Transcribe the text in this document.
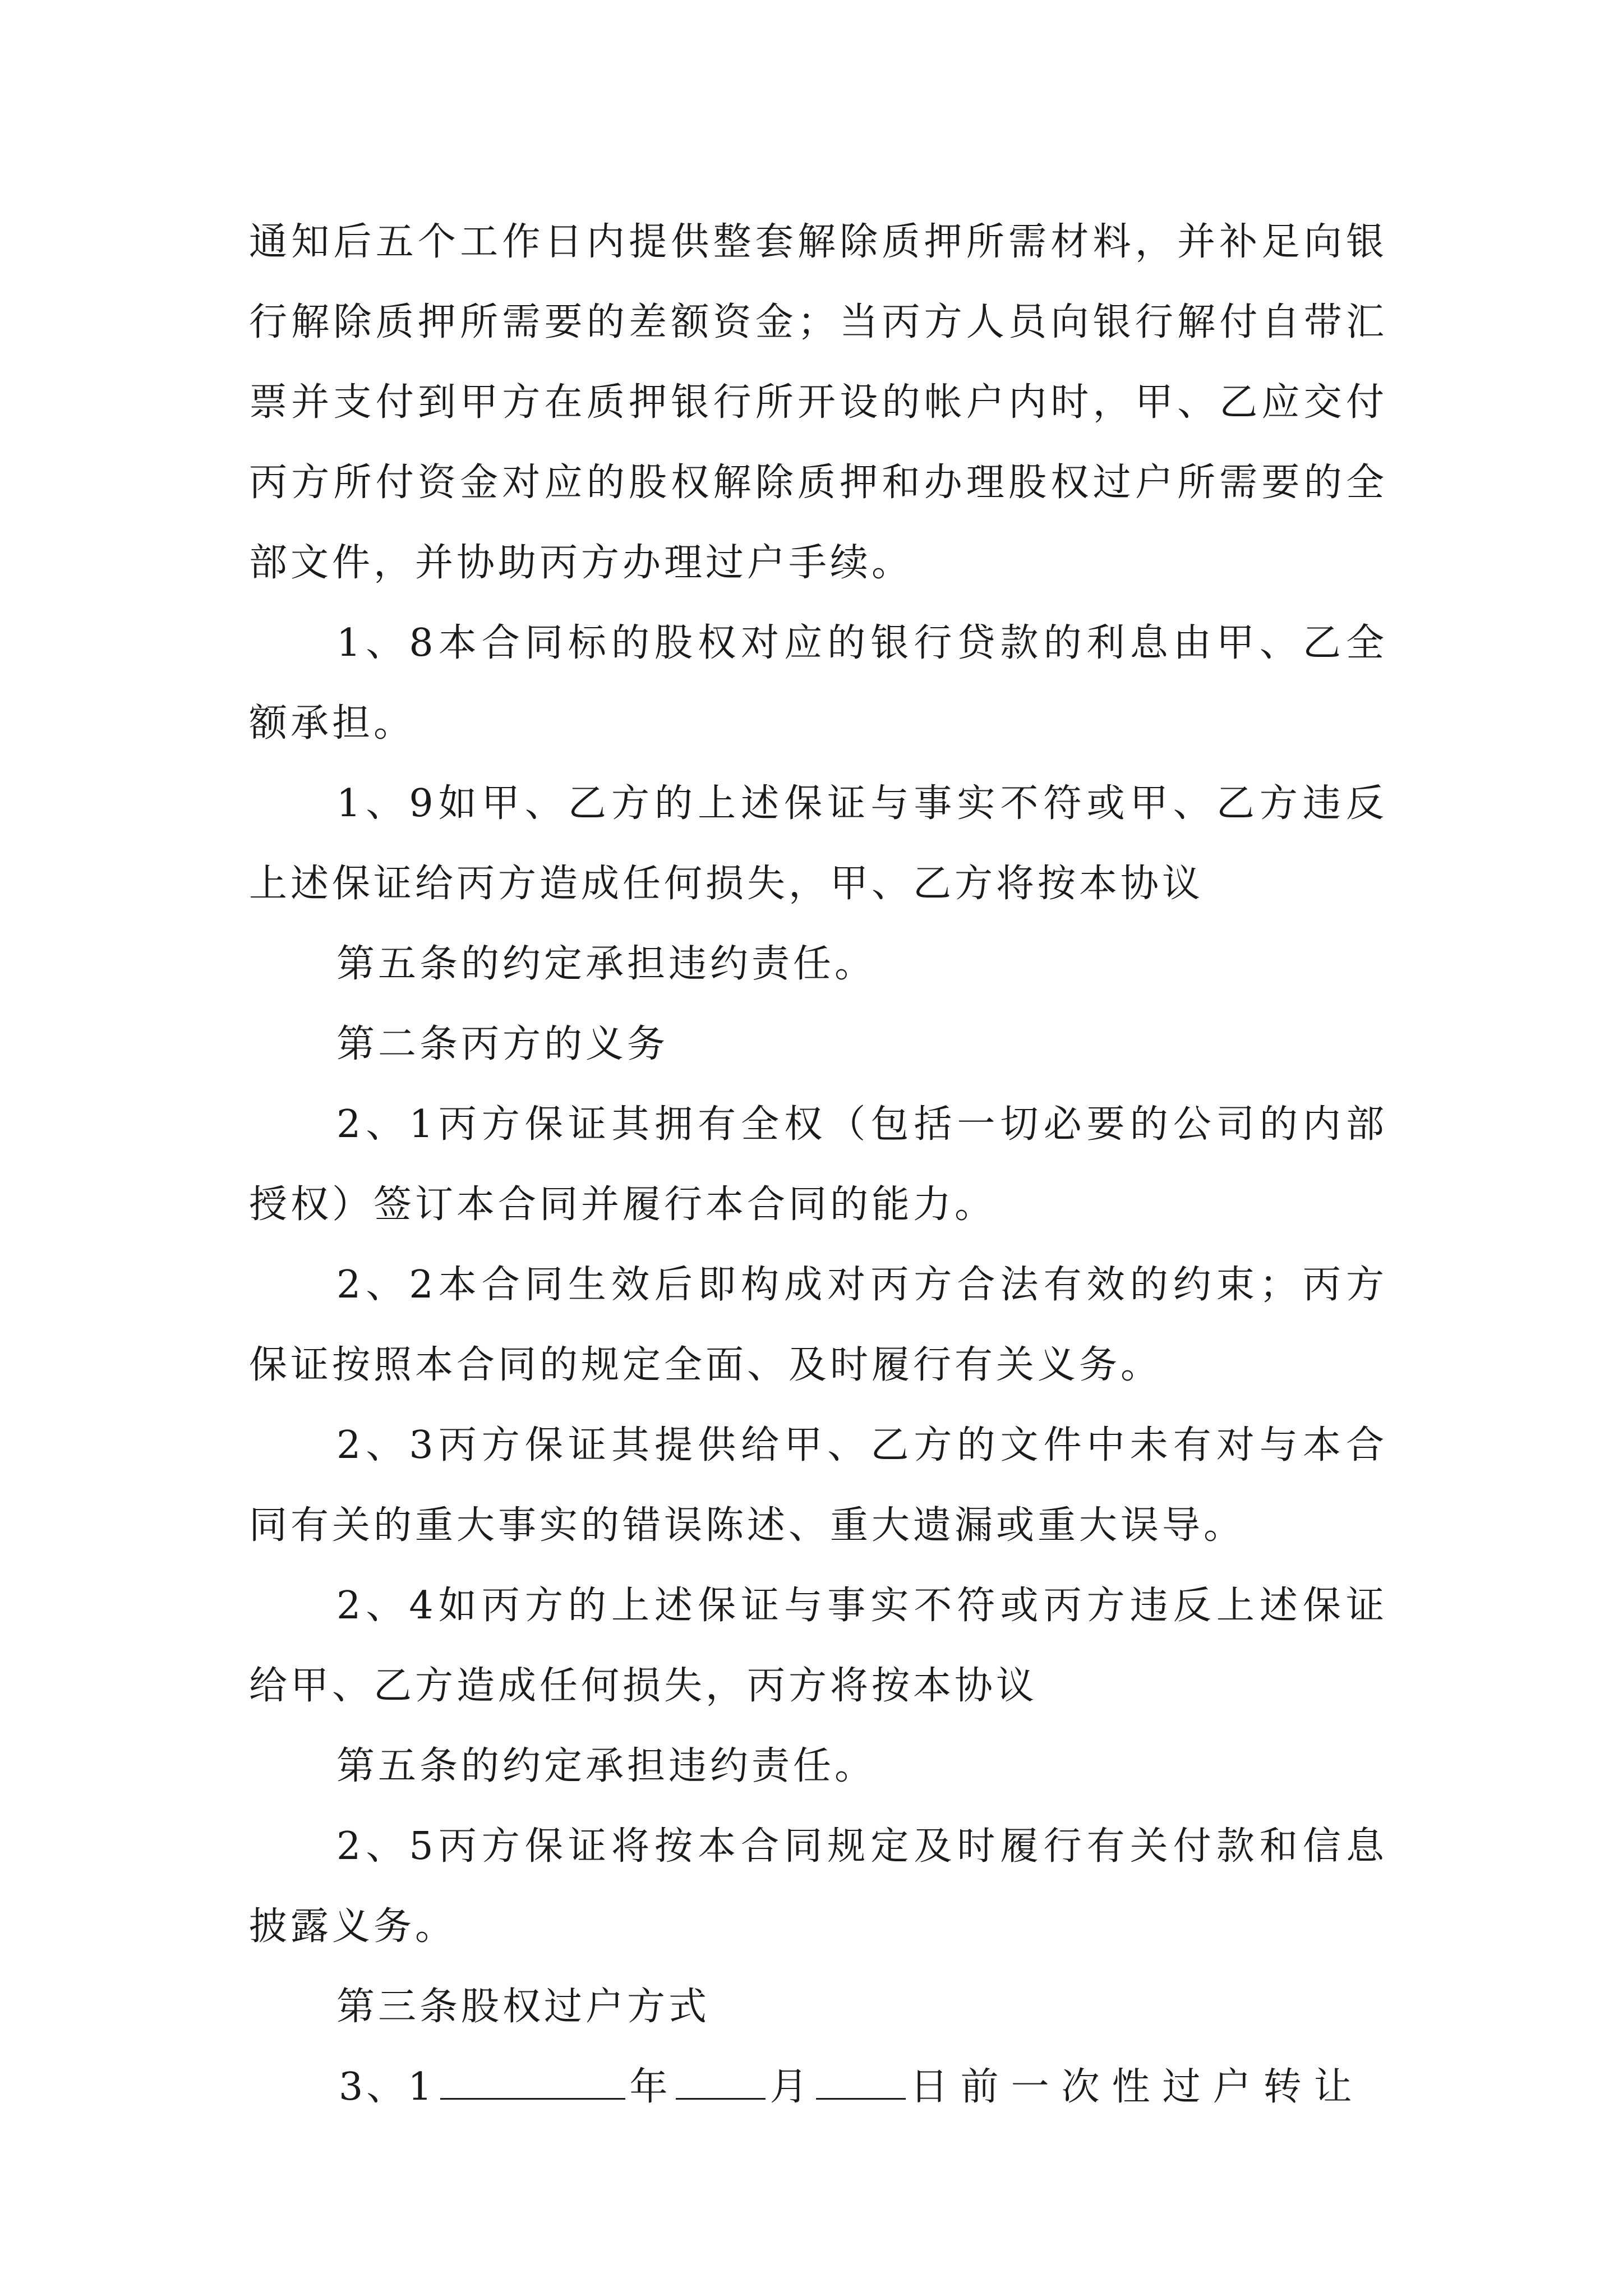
通知后五个工作日内提供整套解除质押所需材料，并补足向银行解除质押所需要的差额资金；当丙方人员向银行解付自带汇票并支付到甲方在质押银行所开设的帐户内时，甲、乙应交付丙方所付资金对应的股权解除质押和办理股权过户所需要的全部文件，并协助丙方办理过户手续。

1、8本合同标的股权对应的银行贷款的利息由甲、乙全额承担。

1、9如甲、乙方的上述保证与事实不符或甲、乙方违反上述保证给丙方造成任何损失，甲、乙方将按本协议

第五条的约定承担违约责任。

第二条丙方的义务

2、1丙方保证其拥有全权（包括一切必要的公司的内部授权）签订本合同并履行本合同的能力。

2、2本合同生效后即构成对丙方合法有效的约束；丙方保证按照本合同的规定全面、及时履行有关义务。

2、3丙方保证其提供给甲、乙方的文件中未有对与本合同有关的重大事实的错误陈述、重大遗漏或重大误导。

2、4如丙方的上述保证与事实不符或丙方违反上述保证给甲、乙方造成任何损失，丙方将按本协议

第五条的约定承担违约责任。

2、5丙方保证将按本合同规定及时履行有关付款和信息披露义务。

第三条股权过户方式

3、1	年	月	日前一次性过户转让
